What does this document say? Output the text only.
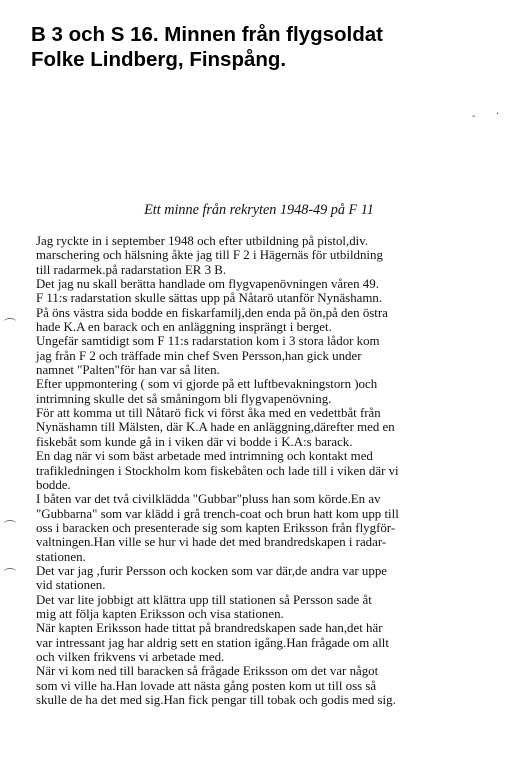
B 3 och S 16. Minnen från flygsoldat
Folke Lindberg, Finspång.
- ·
Ett minne från rekryten 1948-49 på F 11
Jag ryckte in i september 1948 och efter utbildning på pistol,div.
marschering och hälsning åkte jag till F 2 i Hägernäs för utbildning
till radarmek.på radarstation ER 3 B.
Det jag nu skall berätta handlade om flygvapenövningen våren 49.
F 11:s radarstation skulle sättas upp på Nåtarö utanför Nynäshamn.
På öns västra sida bodde en fiskarfamilj,den enda på ön,på den östra
hade K.A en barack och en anläggning insprängt i berget.
Ungefär samtidigt som F 11:s radarstation kom i 3 stora lådor kom
jag från F 2 och träffade min chef Sven Persson,han gick under
namnet "Palten"för han var så liten.
Efter uppmontering ( som vi gjorde på ett luftbevakningstorn )och
intrimning skulle det så småningom bli flygvapenövning.
För att komma ut till Nåtarö fick vi först åka med en vedettbåt från
Nynäshamn till Mälsten, där K.A hade en anläggning,därefter med en
fiskebåt som kunde gå in i viken där vi bodde i K.A:s barack.
En dag när vi som bäst arbetade med intrimning och kontakt med
trafikledningen i Stockholm kom fiskebåten och lade till i viken där vi
bodde.
I båten var det två civilklädda "Gubbar"pluss han som körde.En av
"Gubbarna" som var klädd i grå trench-coat och brun hatt kom upp till
oss i baracken och presenterade sig som kapten Eriksson från flygför-
valtningen.Han ville se hur vi hade det med brandredskapen i radar-
stationen.
Det var jag ,furir Persson och kocken som var där,de andra var uppe
vid stationen.
Det var lite jobbigt att klättra upp till stationen så Persson sade åt
mig att följa kapten Eriksson och visa stationen.
När kapten Eriksson hade tittat på brandredskapen sade han,det här
var intressant jag har aldrig sett en station igång.Han frågade om allt
och vilken frikvens vi arbetade med.
När vi kom ned till baracken så frågade Eriksson om det var något
som vi ville ha.Han lovade att nästa gång posten kom ut till oss så
skulle de ha det med sig.Han fick pengar till tobak och godis med sig.
